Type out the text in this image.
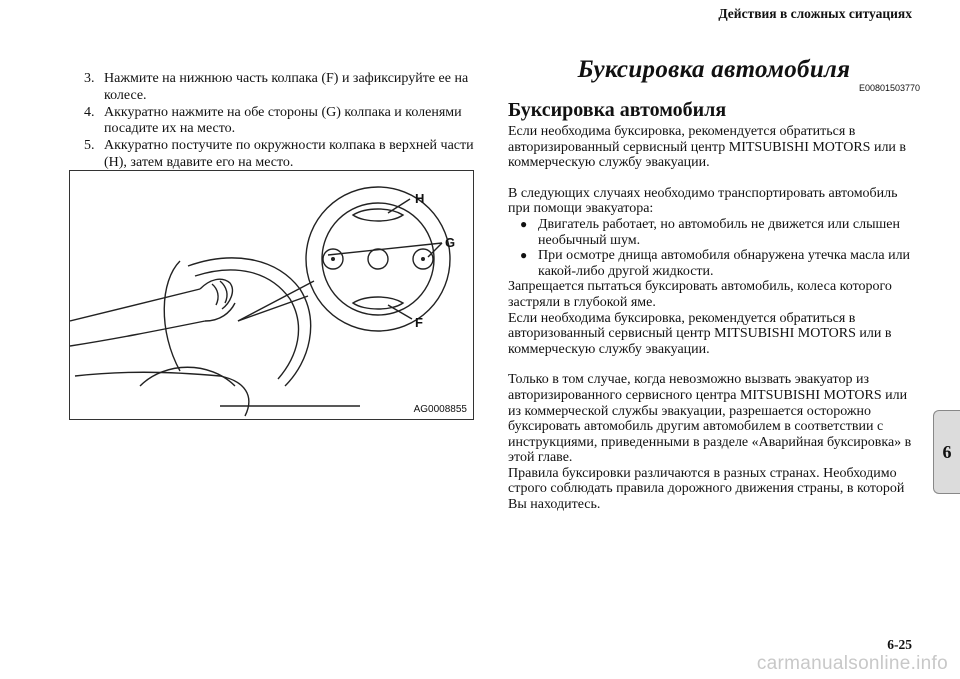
Действия в сложных ситуациях
6
3. Нажмите на нижнюю часть колпака (F) и зафиксируйте ее на колесе.
4. Аккуратно нажмите на обе стороны (G) колпака и коленями посадите их на место.
5. Аккуратно постучите по окружности колпака в верхней части (H), затем вдавите его на место.
H
G
F
AG0008855
Буксировка автомобиля
E00801503770
Буксировка автомобиля

Если необходима буксировка, рекомендуется обратиться в авторизированный сервисный центр MITSUBISHI MOTORS или в коммерческую службу эвакуации.

В следующих случаях необходимо транспортировать автомобиль при помощи эвакуатора:

● Двигатель работает, но автомобиль не движется или слышен необычный шум.
● При осмотре днища автомобиля обнаружена утечка масла или какой-либо другой жидкости.

Запрещается пытаться буксировать автомобиль, колеса которого застряли в глубокой яме.

Если необходима буксировка, рекомендуется обратиться в авторизованный сервисный центр MITSUBISHI MOTORS или в коммерческую службу эвакуации.

Только в том случае, когда невозможно вызвать эвакуатор из авторизированного сервисного центра MITSUBISHI MOTORS или из коммерческой службы эвакуации, разрешается осторожно буксировать автомобиль другим автомобилем в соответствии с инструкциями, приведенными в разделе «Аварийная буксировка» в этой главе.

Правила буксировки различаются в разных странах. Необходимо строго соблюдать правила дорожного движения страны, в которой Вы находитесь.

6-25
carmanualsonline.info
